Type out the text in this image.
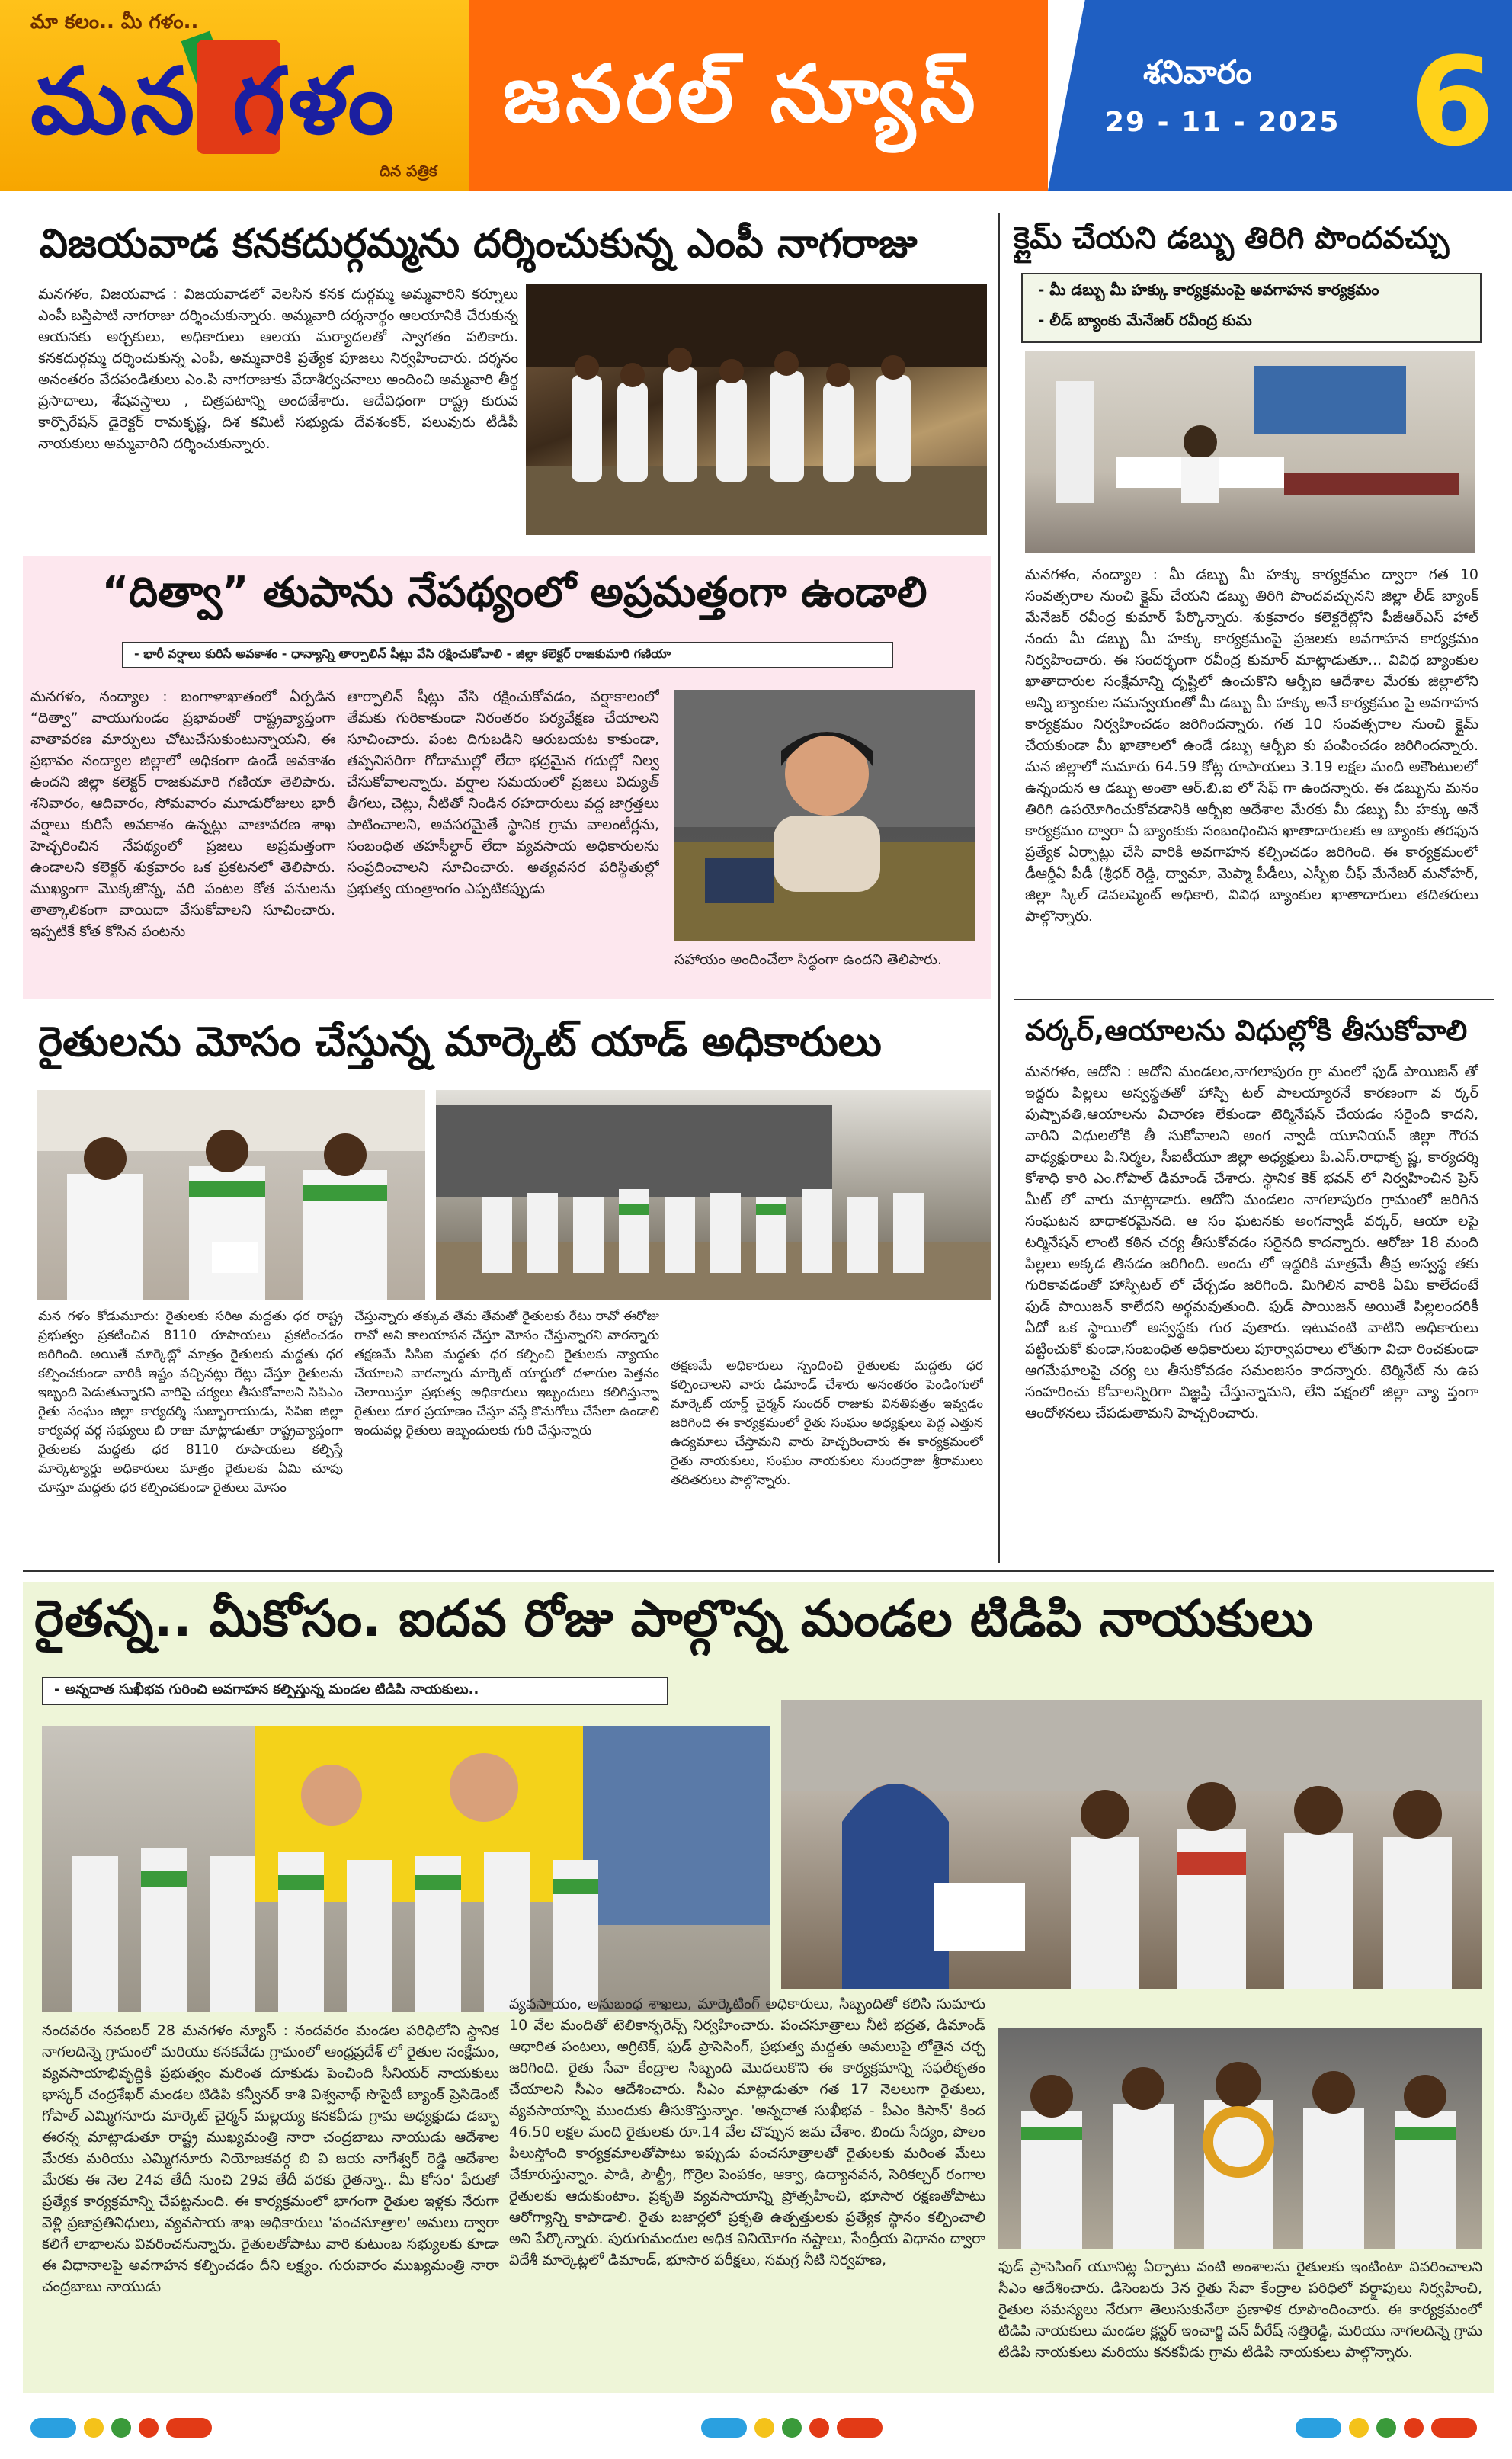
మా కలం.. మీ గళం..
మన గళం
దిన పత్రిక
జనరల్ న్యూస్	శనివారం
29 - 11 - 2025 6
విజయవాడ కనకదుర్గమ్మను దర్శించుకున్న ఎంపీ నాగరాజు
మనగళం, విజయవాడ : విజయవాడలో వెలసిన కనక దుర్గమ్మ అమ్మవారిని కర్నూలు ఎంపీ బస్తిపాటి నాగరాజు దర్శించుకున్నారు. అమ్మవారి దర్శనార్థం ఆలయానికి చేరుకున్న ఆయనకు అర్చకులు, అధికారులు ఆలయ మర్యాదలతో స్వాగతం పలికారు. కనకదుర్గమ్మ దర్శించుకున్న ఎంపీ, అమ్మవారికి ప్రత్యేక పూజలు నిర్వహించారు. దర్శనం అనంతరం వేదపండితులు ఎం.పి నాగరాజుకు వేదాశీర్వచనాలు అందించి అమ్మవారి తీర్థ ప్రసాదాలు, శేషవస్త్రాలు , చిత్రపటాన్ని అందజేశారు. ఆదేవిధంగా రాష్ట్ర కురువ కార్పొరేషన్ డైరెక్టర్ రామకృష్ణ, దిశ కమిటీ సభ్యుడు దేవశంకర్, పలువురు టీడీపీ నాయకులు అమ్మవారిని దర్శించుకున్నారు.
క్లైమ్ చేయని డబ్బు తిరిగి పొందవచ్చు
- మీ డబ్బు మీ హక్కు కార్యక్రమంపై అవగాహన కార్యక్రమం
- లీడ్ బ్యాంకు మేనేజర్ రవీంద్ర కుమ
మనగళం, నంద్యాల : మీ డబ్బు మీ హక్కు కార్యక్రమం ద్వారా గత 10 సంవత్సరాల నుంచి క్లైమ్ చేయని డబ్బు తిరిగి పొందవచ్చునని జిల్లా లీడ్ బ్యాంక్ మేనేజర్ రవీంద్ర కుమార్ పేర్కొన్నారు. శుక్రవారం కలెక్టరేట్లోని పీజీఆర్ఎస్ హాల్ నందు మీ డబ్బు మీ హక్కు కార్యక్రమంపై ప్రజలకు అవగాహన కార్యక్రమం నిర్వహించారు. ఈ సందర్భంగా రవీంద్ర కుమార్ మాట్లాడుతూ... వివిధ బ్యాంకుల ఖాతాదారుల సంక్షేమాన్ని దృష్టిలో ఉంచుకొని ఆర్బీఐ ఆదేశాల మేరకు జిల్లాలోని అన్ని బ్యాంకుల సమన్వయంతో మీ డబ్బు మీ హక్కు అనే కార్యక్రమం పై అవగాహన కార్యక్రమం నిర్వహించడం జరిగిందన్నారు. గత 10 సంవత్సరాల నుంచి క్లైమ్ చేయకుండా మీ ఖాతాలలో ఉండే డబ్బు ఆర్బీఐ కు పంపించడం జరిగిందన్నారు. మన జిల్లాలో సుమారు 64.59 కోట్ల రూపాయలు 3.19 లక్షల మంది అకౌంటులలో ఉన్నందున ఆ డబ్బు అంతా ఆర్.బి.ఐ లో సేఫ్ గా ఉందన్నారు. ఈ డబ్బును మనం తిరిగి ఉపయోగించుకోవడానికి ఆర్బీఐ ఆదేశాల మేరకు మీ డబ్బు మీ హక్కు అనే కార్యక్రమం ద్వారా ఏ బ్యాంకుకు సంబంధించిన ఖాతాదారులకు ఆ బ్యాంకు తరఫున ప్రత్యేక ఏర్పాట్లు చేసి వారికి అవగాహన కల్పించడం జరిగింది. ఈ కార్యక్రమంలో డీఆర్డీఏ పీడీ (శ్రీధర్ రెడ్డి, ద్వామా, మెప్మా పీడీలు, ఎస్బీఐ చీఫ్ మేనేజర్ మనోహర్, జిల్లా స్కిల్ డెవలప్మెంట్ అధికారి, వివిధ బ్యాంకుల ఖాతాదారులు తదితరులు పాల్గొన్నారు.
“దిత్వా” తుపాను నేపథ్యంలో అప్రమత్తంగా ఉండాలి
- భారీ వర్షాలు కురిసే అవకాశం - ధాన్యాన్ని తార్పాలిన్ షీట్లు వేసి రక్షించుకోవాలి - జిల్లా కలెక్టర్ రాజకుమారి గణియా
మనగళం, నంద్యాల : బంగాళాఖాతంలో ఏర్పడిన “దిత్వా” వాయుగుండం ప్రభావంతో రాష్ట్రవ్యాప్తంగా వాతావరణ మార్పులు చోటుచేసుకుంటున్నాయని, ఈ ప్రభావం నంద్యాల జిల్లాలో అధికంగా ఉండే అవకాశం ఉందని జిల్లా కలెక్టర్ రాజకుమారి గణియా తెలిపారు. శనివారం, ఆదివారం, సోమవారం మూడురోజులు భారీ వర్షాలు కురిసే అవకాశం ఉన్నట్లు వాతావరణ శాఖ హెచ్చరించిన నేపథ్యంలో ప్రజలు అప్రమత్తంగా ఉండాలని కలెక్టర్ శుక్రవారం ఒక ప్రకటనలో తెలిపారు. ముఖ్యంగా మొక్కజొన్న, వరి పంటల కోత పనులను తాత్కాలికంగా వాయిదా వేసుకోవాలని సూచించారు. ఇప్పటికే కోత కోసిన పంటను
తార్పాలిన్ షీట్లు వేసి రక్షించుకోవడం, వర్షాకాలంలో తేమకు గురికాకుండా నిరంతరం పర్యవేక్షణ చేయాలని సూచించారు. పంట దిగుబడిని ఆరుబయట కాకుండా, తప్పనిసరిగా గోదాముల్లో లేదా భద్రమైన గదుల్లో నిల్వ చేసుకోవాలన్నారు. వర్షాల సమయంలో ప్రజలు విద్యుత్ తీగలు, చెట్లు, నీటితో నిండిన రహదారులు వద్ద జాగ్రత్తలు పాటించాలని, అవసరమైతే స్థానిక గ్రామ వాలంటీర్లను, సంబంధిత తహసీల్దార్ లేదా వ్యవసాయ అధికారులను సంప్రదించాలని సూచించారు. అత్యవసర పరిస్థితుల్లో ప్రభుత్వ యంత్రాంగం ఎప్పటికప్పుడు
సహాయం అందించేలా సిద్ధంగా ఉందని తెలిపారు.
వర్కర్,ఆయాలను విధుల్లోకి తీసుకోవాలి
మనగళం, ఆదోని : ఆదోని మండలం,నాగలాపురం గ్రా మంలో ఫుడ్ పాయిజన్ తో ఇద్దరు పిల్లలు అస్వస్థతతో హాస్పి టల్ పాలయ్యారనే కారణంగా వ ర్కర్ పుష్పావతి,ఆయాలను విచారణ లేకుండా టెర్మినేషన్ చేయడం సరైంది కాదని, వారిని విధులలోకి తీ సుకోవాలని అంగ న్వాడీ యూనియన్ జిల్లా గౌరవ వాధ్యక్షురాలు పి.నిర్మల, సీఐటీయూ జిల్లా అధ్యక్షులు పి.ఎస్.రాధాకృ ష్ణ, కార్యదర్శి కోశాధి కారి ఎం.గోపాల్ డిమాండ్ చేశారు. స్థానిక కెక్ భవన్ లో నిర్వహించిన ప్రెస్ మీట్ లో వారు మాట్లాడారు. ఆదోని మండలం నాగలాపురం గ్రామంలో జరిగిన సంఘటన బాధాకరమైనది. ఆ సం ఘటనకు అంగన్వాడీ వర్కర్, ఆయా లపై టర్మినేషన్ లాంటి కఠిన చర్య తీసుకోవడం సరైనది కాదన్నారు. ఆరోజు 18 మంది పిల్లలు అక్కడ తినడం జరిగింది. అందు లో ఇద్దరికి మాత్రమే తీవ్ర అస్వస్థ తకు గురికావడంతో హాస్పిటల్ లో చేర్చడం జరిగింది. మిగిలిన వారికి ఏమి కాలేదంటే ఫుడ్ పాయిజన్ కాలేదని అర్థమవుతుంది. ఫుడ్ పాయిజన్ అయితే పిల్లలందరికీ ఏదో ఒక స్థాయిలో అస్వస్థకు గుర వుతారు. ఇటువంటి వాటిని అధికారులు పట్టించుకో కుండా,సంబంధిత అధికారులు పూర్వాపరాలు లోతుగా విచా రించకుండా ఆగమేఘాలపై చర్య లు తీసుకోవడం సమంజసం కాదన్నారు. టెర్మినేట్ ను ఉప సంహరించు కోవాలన్నిరిగా విజ్ఞప్తి చేస్తున్నామని, లేని పక్షంలో జిల్లా వ్యా ప్తంగా ఆందోళనలు చేపడుతామని హెచ్చరించారు.
రైతులను మోసం చేస్తున్న మార్కెట్ యాడ్ అధికారులు
మన గళం కోడుమూరు: రైతులకు సరిఅ మద్దతు ధర రాష్ట్ర ప్రభుత్వం ప్రకటించిన 8110 రూపాయలు ప్రకటించడం జరిగింది. అయితే మార్కెట్లో మాత్రం రైతులకు మద్దతు ధర కల్పించకుండా వారికి ఇష్టం వచ్చినట్లు రేట్లు చేస్తూ రైతులను ఇబ్బంది పెడుతున్నారని వారిపై చర్యలు తీసుకోవాలని సిపిఎం రైతు సంఘం జిల్లా కార్యదర్శి సుబ్బారాయుడు, సిపిఐ జిల్లా కార్యవర్గ వర్గ సభ్యులు బి రాజు మాట్లాడుతూ రాష్ట్రవ్యాప్తంగా రైతులకు మద్దతు ధర 8110 రూపాయలు కల్పిస్తే మార్కెట్యార్డు అధికారులు మాత్రం రైతులకు ఏమి చూపు చూస్తూ మద్దతు ధర కల్పించకుండా రైతులు మోసం
చేస్తున్నారు తక్కువ తేమ తేమతో రైతులకు రేటు రావో ఈరోజు రావో అని కాలయాపన చేస్తూ మోసం చేస్తున్నారని వారన్నారు తక్షణమే సిసిఐ మద్దతు ధర కల్పించి రైతులకు న్యాయం చేయాలని వారన్నారు మార్కెట్ యార్డులో దళారుల పెత్తనం చెలాయిస్తూ ప్రభుత్వ అధికారులు ఇబ్బందులు కలిగిస్తున్నా రైతులు దూర ప్రయాణం చేస్తూ వస్తే కొనుగోలు చేసేలా ఉండాలి ఇందువల్ల రైతులు ఇబ్బందులకు గురి చేస్తున్నారు
తక్షణమే అధికారులు స్పందించి రైతులకు మద్దతు ధర కల్పించాలని వారు డిమాండ్ చేశారు అనంతరం పెండింగులో మార్కెట్ యార్డ్ చైర్మన్ సుందర్ రాజుకు వినతిపత్రం ఇవ్వడం జరిగింది ఈ కార్యక్రమంలో రైతు సంఘం అధ్యక్షులు పెద్ద ఎత్తున ఉద్యమాలు చేస్తామని వారు హెచ్చరించారు ఈ కార్యక్రమంలో రైతు నాయకులు, సంఘం నాయకులు సుందర్రాజు శ్రీరాములు తదితరులు పాల్గొన్నారు.
రైతన్న.. మీకోసం. ఐదవ రోజు పాల్గొన్న మండల టిడిపి నాయకులు
- అన్నదాత సుఖీభవ గురించి అవగాహన కల్పిస్తున్న మండల టిడిపి నాయకులు..
నందవరం నవంబర్ 28 మనగళం న్యూస్ : నందవరం మండల పరిధిలోని స్థానిక నాగలదిన్నె గ్రామంలో మరియు కనకవేడు గ్రామంలో ఆంధ్రప్రదేశ్ లో రైతుల సంక్షేమం, వ్యవసాయాభివృద్ధికి ప్రభుత్వం మరింత దూకుడు పెంచింది సీనియర్ నాయకులు భాస్కర్ చంద్రశేఖర్ మండల టిడిపి కన్వీనర్ కాశి విశ్వనాథ్ సొసైటీ బ్యాంక్ ప్రెసిడెంట్ గోపాల్ ఎమ్మిగనూరు మార్కెట్ చైర్మన్ మల్లయ్య కనకవీడు గ్రామ అధ్యక్షుడు డబ్బా ఈరన్న మాట్లాడుతూ రాష్ట్ర ముఖ్యమంత్రి నారా చంద్రబాబు నాయుడు ఆదేశాల మేరకు మరియు ఎమ్మిగనూరు నియోజకవర్గ బి వి జయ నాగేశ్వర్ రెడ్డి ఆదేశాల మేరకు ఈ నెల 24వ తేదీ నుంచి 29వ తేదీ వరకు రైతన్నా.. మీ కోసం' పేరుతో ప్రత్యేక కార్యక్రమాన్ని చేపట్టనుంది. ఈ కార్యక్రమంలో భాగంగా రైతుల ఇళ్లకు నేరుగా వెళ్లి ప్రజాప్రతినిధులు, వ్యవసాయ శాఖ అధికారులు 'పంచసూత్రాల' అమలు ద్వారా కలిగే లాభాలను వివరించనున్నారు. రైతులతోపాటు వారి కుటుంబ సభ్యులకు కూడా ఈ విధానాలపై అవగాహన కల్పించడం దీని లక్ష్యం. గురువారం ముఖ్యమంత్రి నారా చంద్రబాబు నాయుడు
వ్యవసాయం, అనుబంధ శాఖలు, మార్కెటింగ్ అధికారులు, సిబ్బందితో కలిసి సుమారు 10 వేల మందితో టెలికాన్ఫరెన్స్ నిర్వహించారు. పంచసూత్రాలు నీటి భద్రత, డిమాండ్ ఆధారిత పంటలు, అగ్రిటెక్, ఫుడ్ ప్రాసెసింగ్, ప్రభుత్వ మద్దతు అమలుపై లోతైన చర్చ జరిగింది. రైతు సేవా కేంద్రాల సిబ్బంది మొదలుకొని ఈ కార్యక్రమాన్ని సఫలీకృతం చేయాలని సీఎం ఆదేశించారు. సీఎం మాట్లాడుతూ గత 17 నెలలుగా రైతులు, వ్యవసాయాన్ని ముందుకు తీసుకొస్తున్నాం. 'అన్నదాత సుఖీభవ - పీఎం కిసాన్' కింద 46.50 లక్షల మంది రైతులకు రూ.14 వేల చొప్పున జమ చేశాం. బిందు సేద్యం, పొలం పిలుస్తోంది కార్యక్రమాలతోపాటు ఇప్పుడు పంచసూత్రాలతో రైతులకు మరింత మేలు చేకూరుస్తున్నాం. పాడి, పౌల్ట్రీ, గొర్రెల పెంపకం, ఆక్వా, ఉద్యానవన, సెరికల్చర్ రంగాల రైతులకు ఆదుకుంటాం. ప్రకృతి వ్యవసాయాన్ని ప్రోత్సహించి, భూసార రక్షణతోపాటు ఆరోగ్యాన్ని కాపాడాలి. రైతు బజార్లలో ప్రకృతి ఉత్పత్తులకు ప్రత్యేక స్థానం కల్పించాలి అని పేర్కొన్నారు. పురుగుమందుల అధిక వినియోగం నష్టాలు, సేంద్రీయ విధానం ద్వారా విదేశీ మార్కెట్లలో డిమాండ్, భూసార పరీక్షలు, సమగ్ర నీటి నిర్వహణ,	ఫుడ్ ప్రాసెసింగ్ యూనిట్ల ఏర్పాటు వంటి అంశాలను రైతులకు ఇంటింటా వివరించాలని సీఎం ఆదేశించారు. డిసెంబరు 3న రైతు సేవా కేంద్రాల పరిధిలో వర్క్షాపులు నిర్వహించి, రైతుల సమస్యలు నేరుగా తెలుసుకునేలా ప్రణాళిక రూపొందించారు. ఈ కార్యక్రమంలో టిడిపి నాయకులు మండల క్లస్టర్ ఇంచార్జి వన్ వీరేష్ సత్తిరెడ్డి, మరియు నాగలదిన్నె గ్రామ టిడిపి నాయకులు మరియు కనకవీడు గ్రామ టిడిపి నాయకులు పాల్గొన్నారు.
